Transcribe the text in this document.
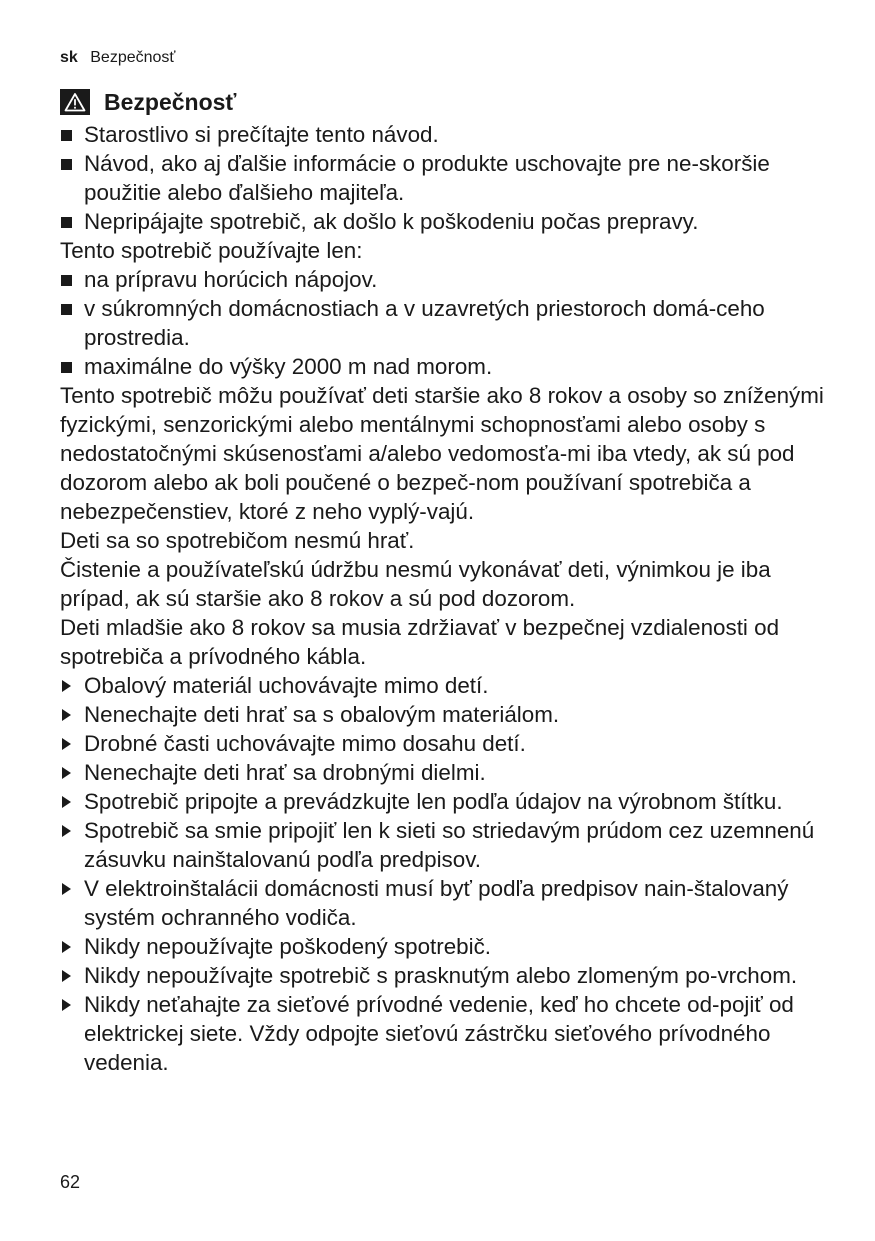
sk Bezpečnosť
Bezpečnosť
Starostlivo si prečítajte tento návod.
Návod, ako aj ďalšie informácie o produkte uschovajte pre ne-skoršie použitie alebo ďalšieho majiteľa.
Nepripájajte spotrebič, ak došlo k poškodeniu počas prepravy.

Tento spotrebič používajte len:

na prípravu horúcich nápojov.
v súkromných domácnostiach a v uzavretých priestoroch domá-ceho prostredia.
maximálne do výšky 2000 m nad morom.

Tento spotrebič môžu používať deti staršie ako 8 rokov a osoby so zníženými fyzickými, senzorickými alebo mentálnymi schopnosťami alebo osoby s nedostatočnými skúsenosťami a/alebo vedomosťa-mi iba vtedy, ak sú pod dozorom alebo ak boli poučené o bezpeč-nom používaní spotrebiča a nebezpečenstiev, ktoré z neho vyplý-vajú.

Deti sa so spotrebičom nesmú hrať.

Čistenie a používateľskú údržbu nesmú vykonávať deti, výnimkou je iba prípad, ak sú staršie ako 8 rokov a sú pod dozorom.

Deti mladšie ako 8 rokov sa musia zdržiavať v bezpečnej vzdialenosti od spotrebiča a prívodného kábla.

Obalový materiál uchovávajte mimo detí.
Nenechajte deti hrať sa s obalovým materiálom.
Drobné časti uchovávajte mimo dosahu detí.
Nenechajte deti hrať sa drobnými dielmi.
Spotrebič pripojte a prevádzkujte len podľa údajov na výrobnom štítku.
Spotrebič sa smie pripojiť len k sieti so striedavým prúdom cez uzemnenú zásuvku nainštalovanú podľa predpisov.
V elektroinštalácii domácnosti musí byť podľa predpisov nain-štalovaný systém ochranného vodiča.
Nikdy nepoužívajte poškodený spotrebič.
Nikdy nepoužívajte spotrebič s prasknutým alebo zlomeným po-vrchom.
Nikdy neťahajte za sieťové prívodné vedenie, keď ho chcete od-pojiť od elektrickej siete. Vždy odpojte sieťovú zástrčku sieťového prívodného vedenia.
62
